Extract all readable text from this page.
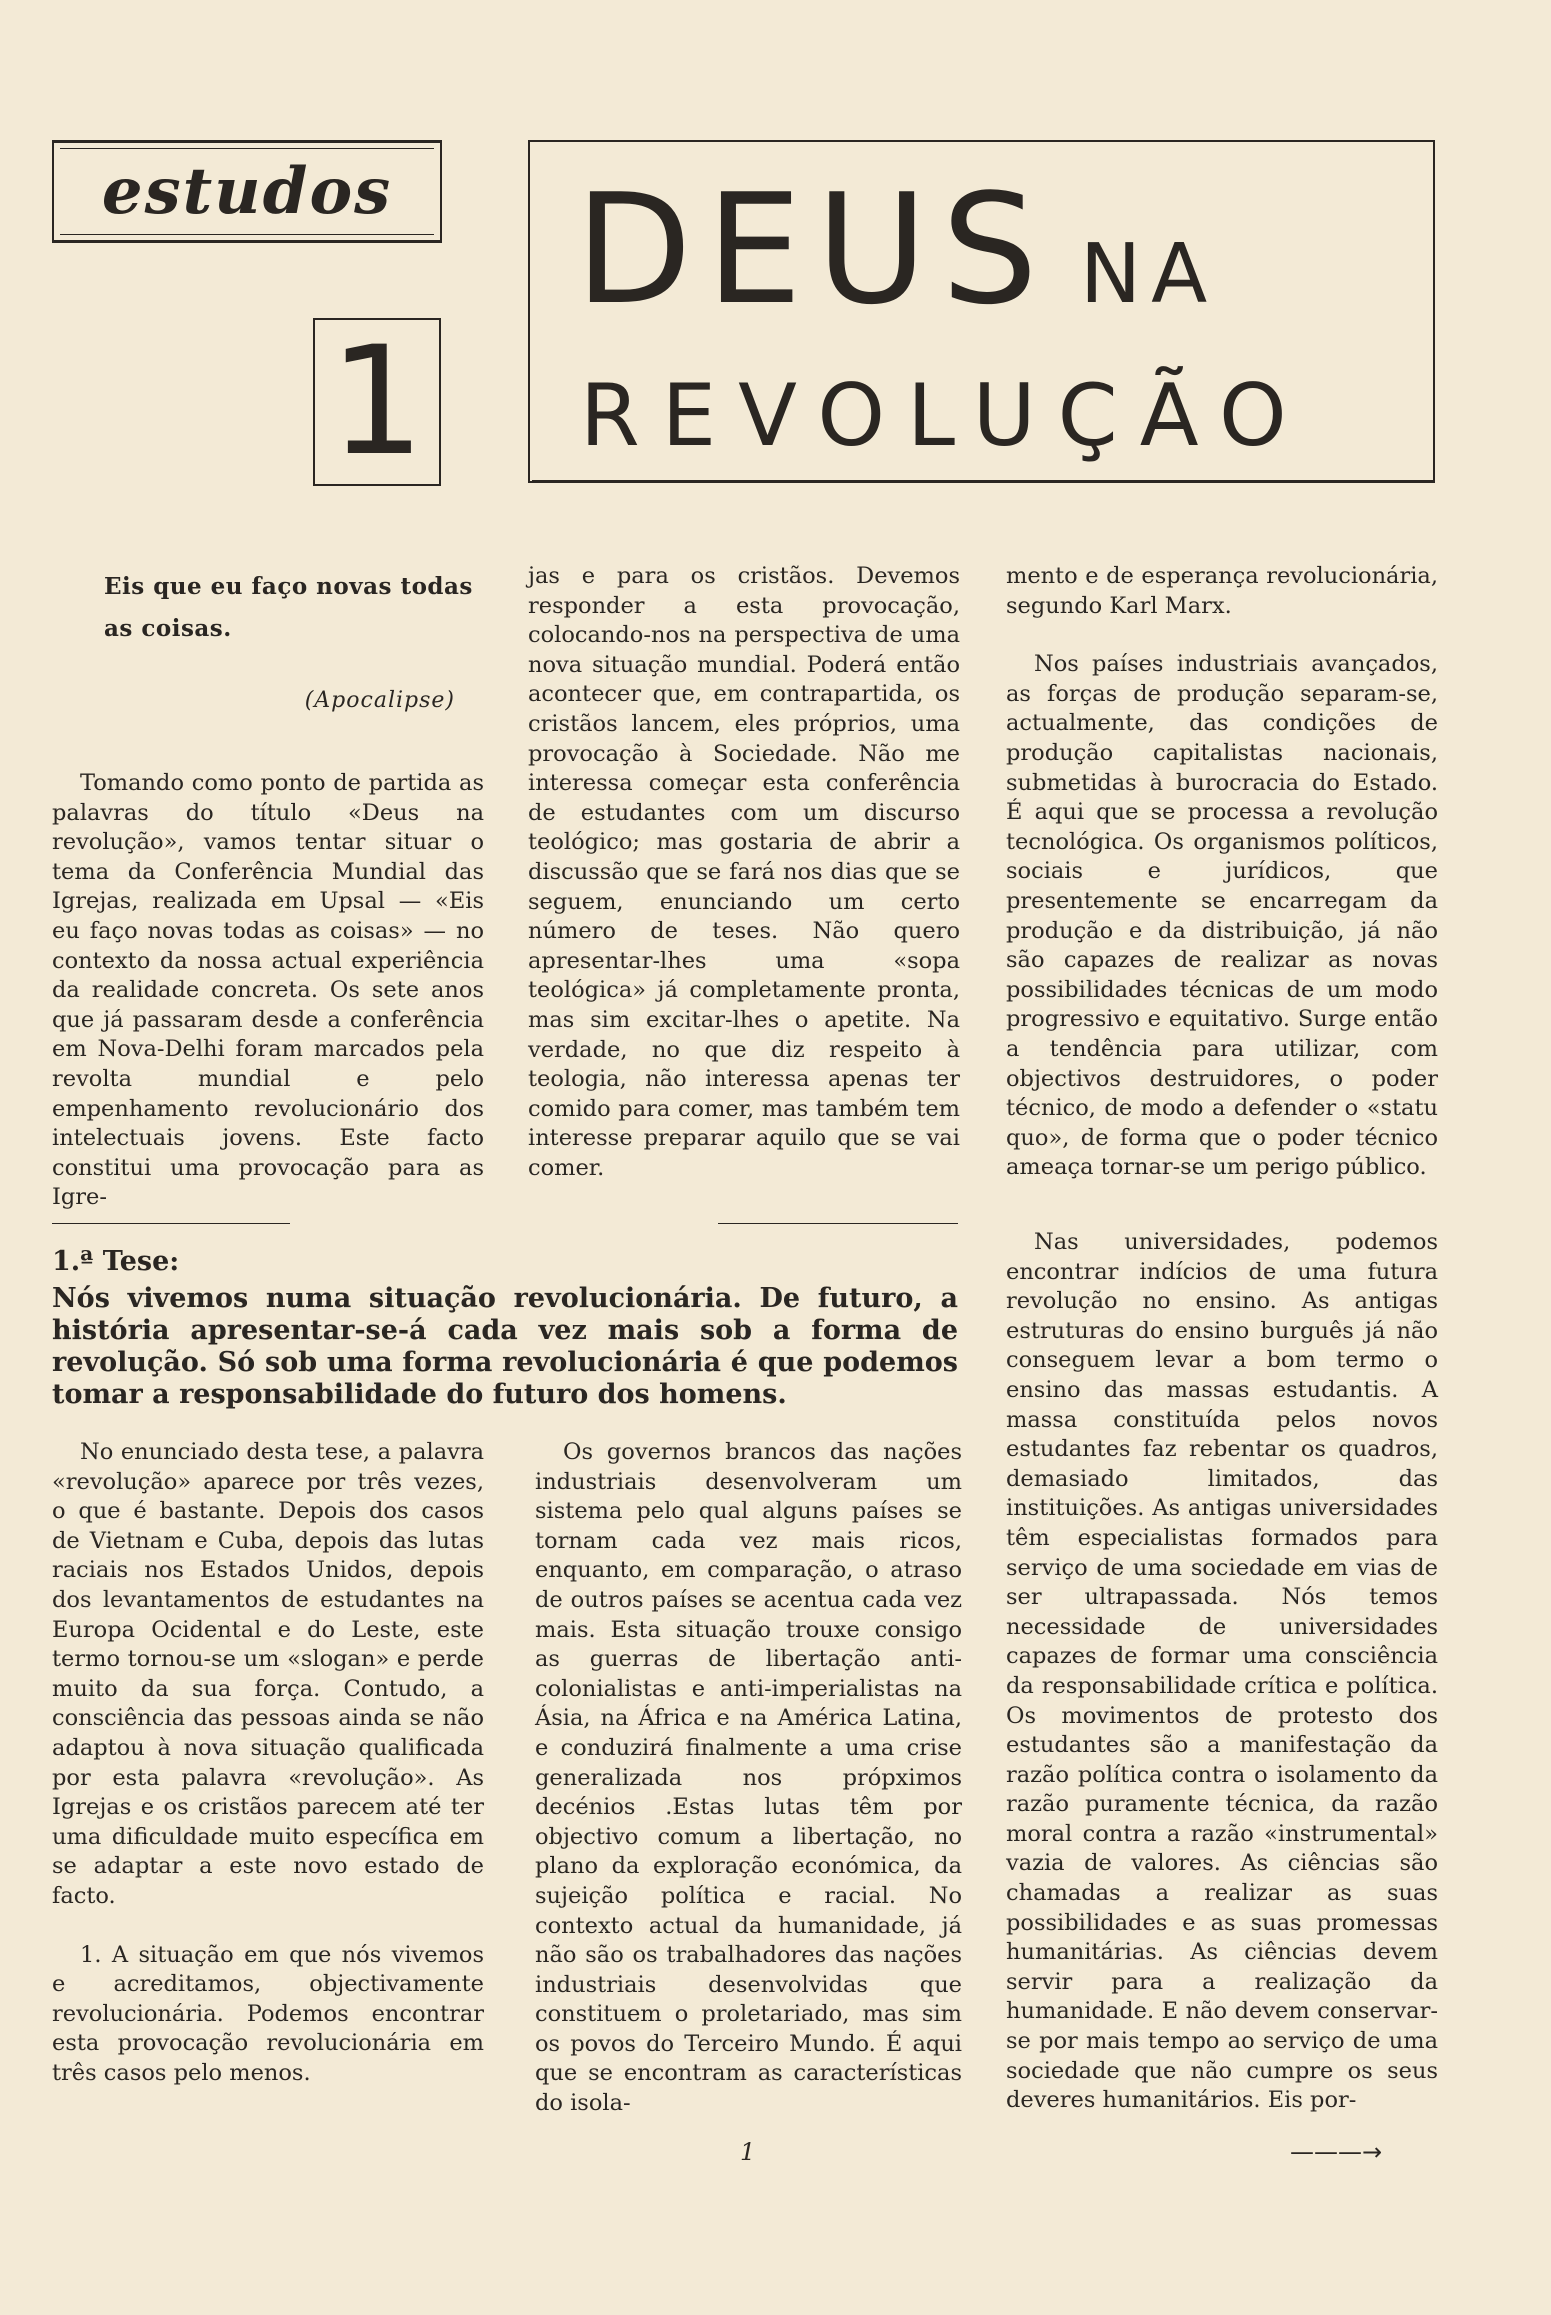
estudos
1
DEUS NA
REVOLUÇÃO
Eis que eu faço novas todas as coisas.
(Apocalipse)

Tomando como ponto de partida as palavras do título «Deus na revolução», vamos tentar situar o tema da Conferência Mundial das Igrejas, realizada em Upsal — «Eis eu faço novas todas as coisas» — no contexto da nossa actual experiência da realidade concreta. Os sete anos que já passaram desde a conferência em Nova-Delhi foram marcados pela revolta mundial e pelo empenhamento revolucionário dos intelectuais jovens. Este facto constitui uma provocação para as Igre-

jas e para os cristãos. Devemos responder a esta provocação, colocando-nos na perspectiva de uma nova situação mundial. Poderá então acontecer que, em contrapartida, os cristãos lancem, eles próprios, uma provocação à Sociedade. Não me interessa começar esta conferência de estudantes com um discurso teológico; mas gostaria de abrir a discussão que se fará nos dias que se seguem, enunciando um certo número de teses. Não quero apresentar-lhes uma «sopa teológica» já completamente pronta, mas sim excitar-lhes o apetite. Na verdade, no que diz respeito à teologia, não interessa apenas ter comido para comer, mas também tem interesse preparar aquilo que se vai comer.

mento e de esperança revolucionária, segundo Karl Marx.

Nos países industriais avançados, as forças de produção separam-se, actualmente, das condições de produção capitalistas nacionais, submetidas à burocracia do Estado. É aqui que se processa a revolução tecnológica. Os organismos políticos, sociais e jurídicos, que presentemente se encarregam da produção e da distribuição, já não são capazes de realizar as novas possibilidades técnicas de um modo progressivo e equitativo. Surge então a tendência para utilizar, com objectivos destruidores, o poder técnico, de modo a defender o «statu quo», de forma que o poder técnico ameaça tornar-se um perigo público.

1.ª Tese:
Nós vivemos numa situação revolucionária. De futuro, a história apresentar-se-á cada vez mais sob a forma de revolução. Só sob uma forma revolucionária é que podemos tomar a responsabilidade do futuro dos homens.

No enunciado desta tese, a palavra «revolução» aparece por três vezes, o que é bastante. Depois dos casos de Vietnam e Cuba, depois das lutas raciais nos Estados Unidos, depois dos levantamentos de estudantes na Europa Ocidental e do Leste, este termo tornou-se um «slogan» e perde muito da sua força. Contudo, a consciência das pessoas ainda se não adaptou à nova situação qualificada por esta palavra «revolução». As Igrejas e os cristãos parecem até ter uma dificuldade muito específica em se adaptar a este novo estado de facto.

1. A situação em que nós vivemos e acreditamos, objectivamente revolucionária. Podemos encontrar esta provocação revolucionária em três casos pelo menos.

Os governos brancos das nações industriais desenvolveram um sistema pelo qual alguns países se tornam cada vez mais ricos, enquanto, em comparação, o atraso de outros países se acentua cada vez mais. Esta situação trouxe consigo as guerras de libertação anti-colonialistas e anti-imperialistas na Ásia, na África e na América Latina, e conduzirá finalmente a uma crise generalizada nos própximos decénios .Estas lutas têm por objectivo comum a libertação, no plano da exploração económica, da sujeição política e racial. No contexto actual da humanidade, já não são os trabalhadores das nações industriais desenvolvidas que constituem o proletariado, mas sim os povos do Terceiro Mundo. É aqui que se encontram as características do isola-

Nas universidades, podemos encontrar indícios de uma futura revolução no ensino. As antigas estruturas do ensino burguês já não conseguem levar a bom termo o ensino das massas estudantis. A massa constituída pelos novos estudantes faz rebentar os quadros, demasiado limitados, das instituições. As antigas universidades têm especialistas formados para serviço de uma sociedade em vias de ser ultrapassada. Nós temos necessidade de universidades capazes de formar uma consciência da responsabilidade crítica e política. Os movimentos de protesto dos estudantes são a manifestação da razão política contra o isolamento da razão puramente técnica, da razão moral contra a razão «instrumental» vazia de valores. As ciências são chamadas a realizar as suas possibilidades e as suas promessas humanitárias. As ciências devem servir para a realização da humanidade. E não devem conservar-se por mais tempo ao serviço de uma sociedade que não cumpre os seus deveres humanitários. Eis por-

1	———→
